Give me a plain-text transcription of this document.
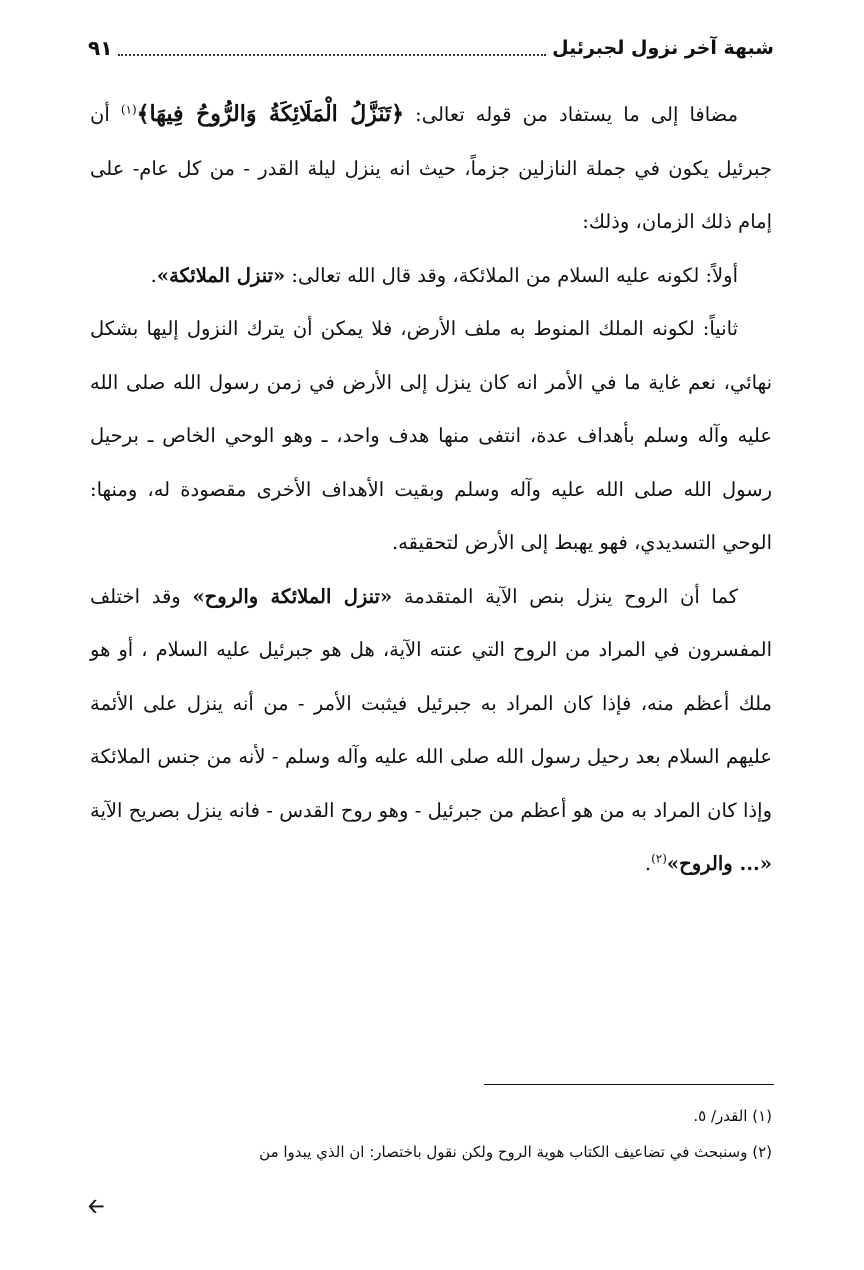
شبهة آخر نزول لجبرئيل
٩١

مضافا إلى ما يستفاد من قوله تعالى: ﴿تَنَزَّلُ الْمَلَائِكَةُ وَالرُّوحُ فِيهَا﴾$^{(١)}$ أن جبرئيل يكون في جملة النازلين جزماً، حيث انه ينزل ليلة القدر - من كل عام- على إمام ذلك الزمان، وذلك:

أولاً: لكونه عليه السلام من الملائكة، وقد قال الله تعالى: «تنزل الملائكة».

ثانياً: لكونه الملك المنوط به ملف الأرض، فلا يمكن أن يترك النزول إليها بشكل نهائي، نعم غاية ما في الأمر انه كان ينزل إلى الأرض في زمن رسول الله صلى الله عليه وآله وسلم بأهداف عدة، انتفى منها هدف واحد، ـ وهو الوحي الخاص ـ برحيل رسول الله صلى الله عليه وآله وسلم وبقيت الأهداف الأخرى مقصودة له، ومنها: الوحي التسديدي، فهو يهبط إلى الأرض لتحقيقه.

كما أن الروح ينزل بنص الآية المتقدمة «تنزل الملائكة والروح» وقد اختلف المفسرون في المراد من الروح التي عنته الآية، هل هو جبرئيل عليه السلام ، أو هو ملك أعظم منه، فإذا كان المراد به جبرئيل فيثبت الأمر - من أنه ينزل على الأئمة عليهم السلام بعد رحيل رسول الله صلى الله عليه وآله وسلم - لأنه من جنس الملائكة وإذا كان المراد به من هو أعظم من جبرئيل - وهو روح القدس - فانه ينزل بصريح الآية «... والروح»$^{(٢)}$.

(١) القدر/ ٥.

(٢) وسنبحث في تضاعيف الكتاب هوية الروح ولكن نقول باختصار: ان الذي يبدوا من

🡠
